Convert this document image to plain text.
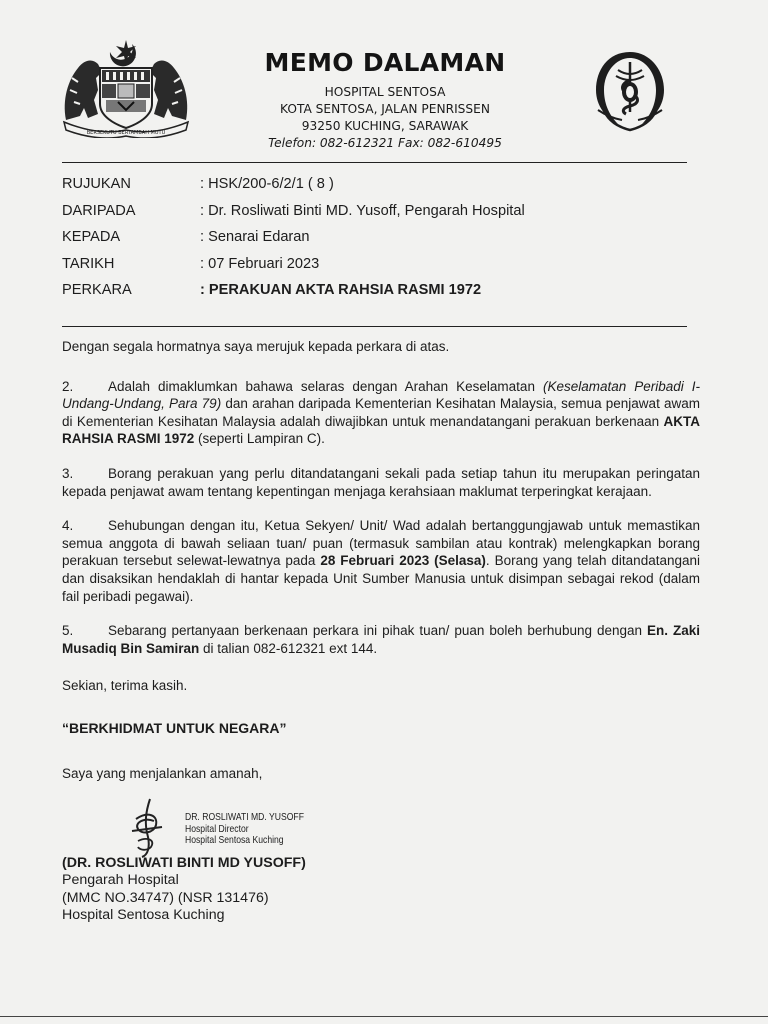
BERSEKUTU BERTAMBAH MUTU
MEMO DALAMAN
HOSPITAL SENTOSA
KOTA SENTOSA, JALAN PENRISSEN
93250 KUCHING, SARAWAK
Telefon: 082-612321 Fax: 082-610495
RUJUKAN	: HSK/200-6/2/1 ( 8 )
DARIPADA	: Dr. Rosliwati Binti MD. Yusoff, Pengarah Hospital
KEPADA	: Senarai Edaran
TARIKH	: 07 Februari 2023
PERKARA	: PERAKUAN AKTA RAHSIA RASMI 1972

Dengan segala hormatnya saya merujuk kepada perkara di atas.

2.	Adalah dimaklumkan bahawa selaras dengan Arahan Keselamatan (Keselamatan Peribadi I- Undang-Undang, Para 79) dan arahan daripada Kementerian Kesihatan Malaysia, semua penjawat awam di Kementerian Kesihatan Malaysia adalah diwajibkan untuk menandatangani perakuan berkenaan AKTA RAHSIA RASMI 1972 (seperti Lampiran C).

3.	Borang perakuan yang perlu ditandatangani sekali pada setiap tahun itu merupakan peringatan kepada penjawat awam tentang kepentingan menjaga kerahsiaan maklumat terperingkat kerajaan.

4.	Sehubungan dengan itu, Ketua Sekyen/ Unit/ Wad adalah bertanggungjawab untuk memastikan semua anggota di bawah seliaan tuan/ puan (termasuk sambilan atau kontrak) melengkapkan borang perakuan tersebut selewat-lewatnya pada 28 Februari 2023 (Selasa). Borang yang telah ditandatangani dan disaksikan hendaklah di hantar kepada Unit Sumber Manusia untuk disimpan sebagai rekod (dalam fail peribadi pegawai).

5.	Sebarang pertanyaan berkenaan perkara ini pihak tuan/ puan boleh berhubung dengan En. Zaki Musadiq Bin Samiran di talian 082-612321 ext 144.

Sekian, terima kasih.

“BERKHIDMAT UNTUK NEGARA”

Saya yang menjalankan amanah,

DR. ROSLIWATI MD. YUSOFF
Hospital Director
Hospital Sentosa Kuching
(DR. ROSLIWATI BINTI MD YUSOFF)
Pengarah Hospital
(MMC NO.34747) (NSR 131476)
Hospital Sentosa Kuching
